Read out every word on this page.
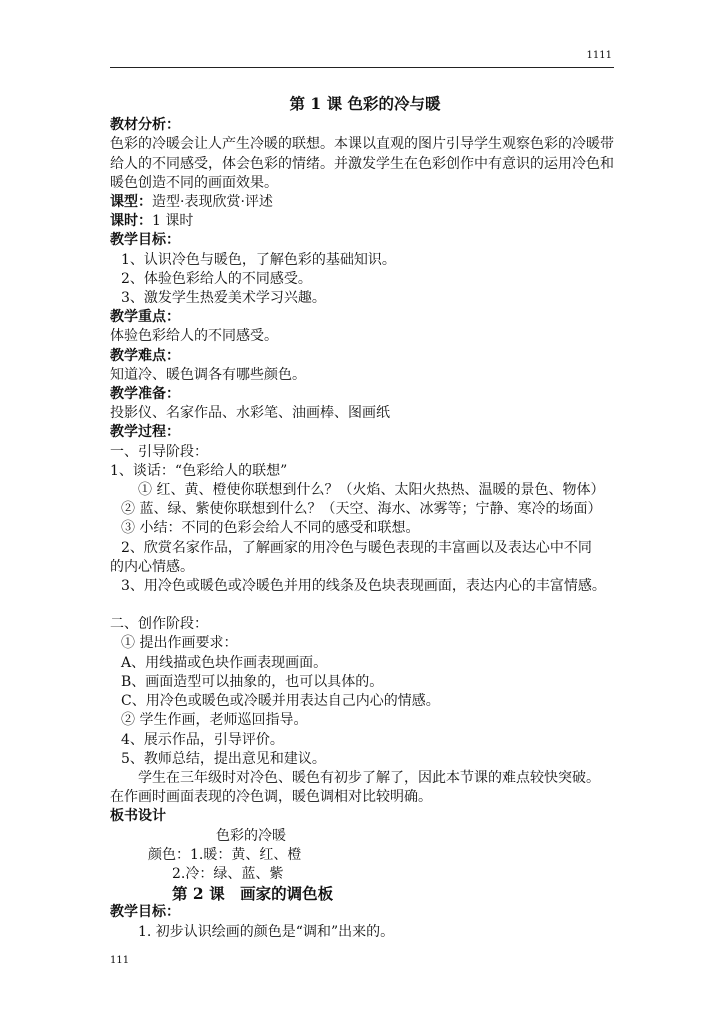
1111

第 1 课 色彩的冷与暖

教材分析：

色彩的冷暖会让人产生冷暖的联想。本课以直观的图片引导学生观察色彩的冷暖带给人的不同感受，体会色彩的情绪。并激发学生在色彩创作中有意识的运用冷色和暖色创造不同的画面效果。

课型：造型·表现欣赏·评述

课时：1 课时

教学目标：

1、认识冷色与暖色，了解色彩的基础知识。

2、体验色彩给人的不同感受。

3、激发学生热爱美术学习兴趣。

教学重点：

体验色彩给人的不同感受。

教学难点：

知道冷、暖色调各有哪些颜色。

教学准备：

投影仪、名家作品、水彩笔、油画棒、图画纸

教学过程：

一、引导阶段：

1、谈话：“色彩给人的联想”

① 红、黄、橙使你联想到什么？（火焰、太阳火热热、温暖的景色、物体）

② 蓝、绿、紫使你联想到什么？（天空、海水、冰雾等；宁静、寒冷的场面）

③ 小结：不同的色彩会给人不同的感受和联想。

2、欣赏名家作品，了解画家的用冷色与暖色表现的丰富画以及表达心中不同

的内心情感。

3、用冷色或暖色或冷暖色并用的线条及色块表现画面，表达内心的丰富情感。

二、创作阶段：

① 提出作画要求：

A、用线描或色块作画表现画面。

B、画面造型可以抽象的，也可以具体的。

C、用冷色或暖色或冷暖并用表达自己内心的情感。

② 学生作画，老师巡回指导。

4、展示作品，引导评价。

5、教师总结，提出意见和建议。

学生在三年级时对冷色、暖色有初步了解了，因此本节课的难点较快突破。

在作画时画面表现的冷色调，暖色调相对比较明确。

板书设计

色彩的冷暖

颜色：1.暖：黄、红、橙

2.冷：绿、蓝、紫

第 2 课　画家的调色板

教学目标：

1. 初步认识绘画的颜色是“调和”出来的。

111
